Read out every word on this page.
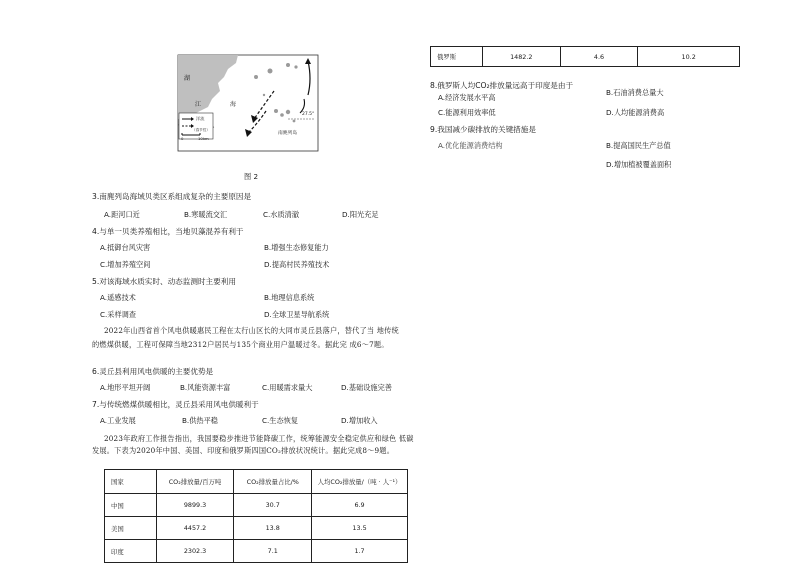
湖
江	海
南麂列岛
27.5°
洋流
（春节性）
0	10km
图 2
3.南麂列岛海域贝类区系组成复杂的主要原因是
A.距河口近	B.寒暖流交汇	C.水质清澈	D.阳光充足
4.与单一贝类养殖相比，当地贝藻混养有利于
A.抵御台风灾害	B.增强生态修复能力
C.增加养殖空间	D.提高村民养殖技术
5.对该海域水质实时、动态监测时主要利用
A.遥感技术	B.地理信息系统
C.采样调查	D.全球卫星导航系统
2022年山西省首个风电供暖惠民工程在太行山区长的大同市灵丘县落户，替代了当 地传统
的燃煤供暖，工程可保障当地2312户居民与135个商业用户温暖过冬。据此完 成6～7题。
6.灵丘县利用风电供暖的主要优势是
A.地形平坦开阔	B.风能资源丰富	C.用暖需求量大	D.基础设施完善
7.与传统燃煤供暖相比，灵丘县采用风电供暖利于
A.工业发展	B.供热平稳	C.生态恢复	D.增加收入
2023年政府工作报告指出，我国要稳步推进节能降碳工作，统筹能源安全稳定供应和绿色 低碳
发展。下表为2020年中国、美国、印度和俄罗斯四国CO₂排放状况统计。据此完成8～9题。
国家	CO₂排放量/百万吨	CO₂排放量占比/%	人均CO₂排放量/（吨 · 人⁻¹）
中国	9899.3	30.7	6.9
美国	4457.2	13.8	13.5
印度	2302.3	7.1	1.7
俄罗斯	1482.2	4.6	10.2
8.俄罗斯人均CO₂排放量远高于印度是由于
A.经济发展水平高
B.石油消费总量大
C.能源利用效率低	D.人均能源消费高
9.我国减少碳排放的关键措施是
A.优化能源消费结构	B.提高国民生产总值
D.增加植被覆盖面积
